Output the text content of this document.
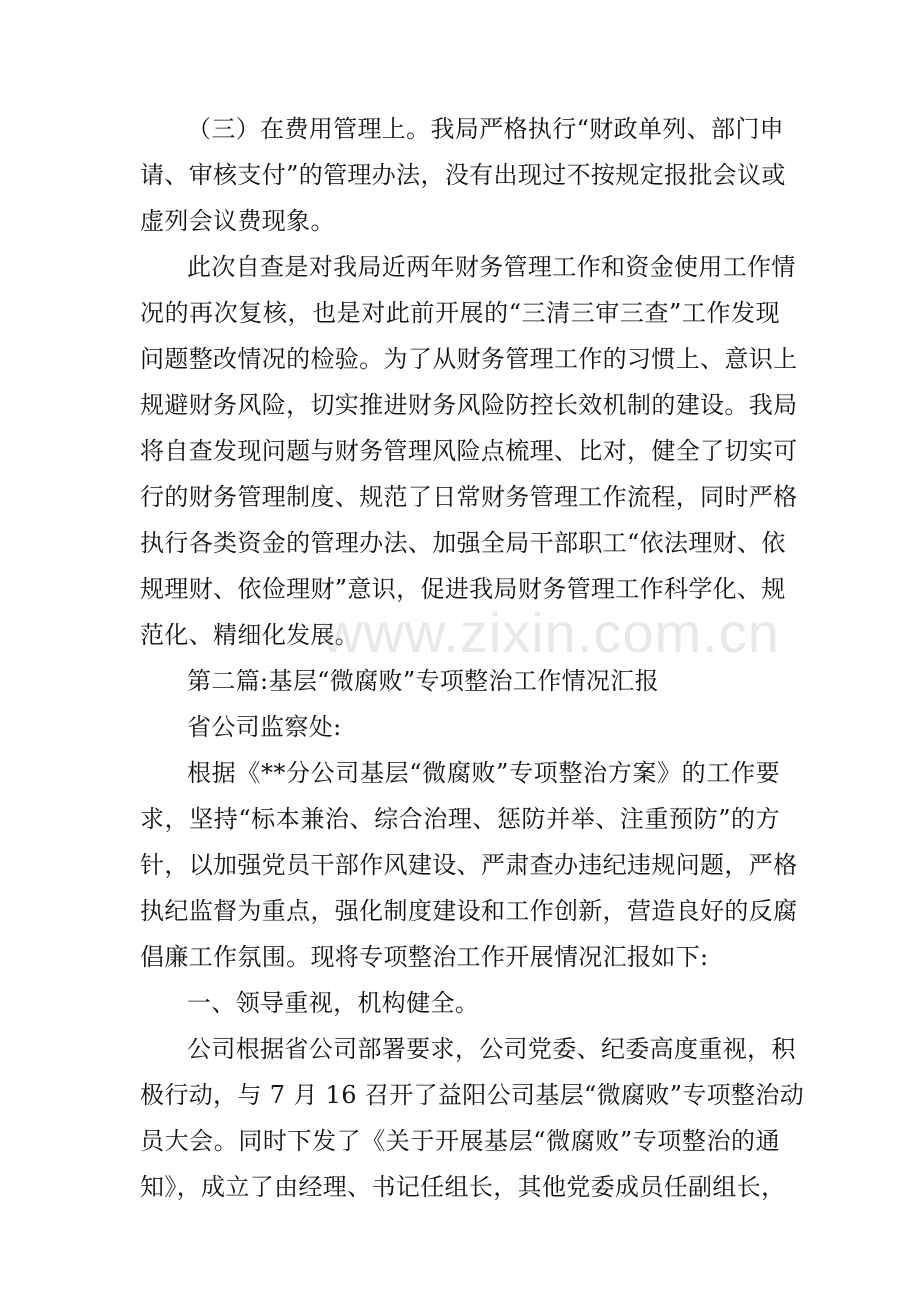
（三）在费用管理上。我局严格执行“财政单列、部门申
请、审核支付”的管理办法，没有出现过不按规定报批会议或
虚列会议费现象。
此次自查是对我局近两年财务管理工作和资金使用工作情
况的再次复核，也是对此前开展的“三清三审三查”工作发现
问题整改情况的检验。为了从财务管理工作的习惯上、意识上
规避财务风险，切实推进财务风险防控长效机制的建设。我局
将自查发现问题与财务管理风险点梳理、比对，健全了切实可
行的财务管理制度、规范了日常财务管理工作流程，同时严格
执行各类资金的管理办法、加强全局干部职工“依法理财、依
规理财、依俭理财”意识，促进我局财务管理工作科学化、规
范化、精细化发展。
www.zixin.com.cn
第二篇:基层“微腐败”专项整治工作情况汇报
省公司监察处:
根据《**分公司基层“微腐败”专项整治方案》的工作要
求，坚持“标本兼治、综合治理、惩防并举、注重预防”的方
针，以加强党员干部作风建设、严肃查办违纪违规问题，严格
执纪监督为重点，强化制度建设和工作创新，营造良好的反腐
倡廉工作氛围。现将专项整治工作开展情况汇报如下:
一、领导重视，机构健全。
公司根据省公司部署要求，公司党委、纪委高度重视，积
极行动，与 7 月 16 召开了益阳公司基层“微腐败”专项整治动
员大会。同时下发了《关于开展基层“微腐败”专项整治的通
知》，成立了由经理、书记任组长，其他党委成员任副组长，
